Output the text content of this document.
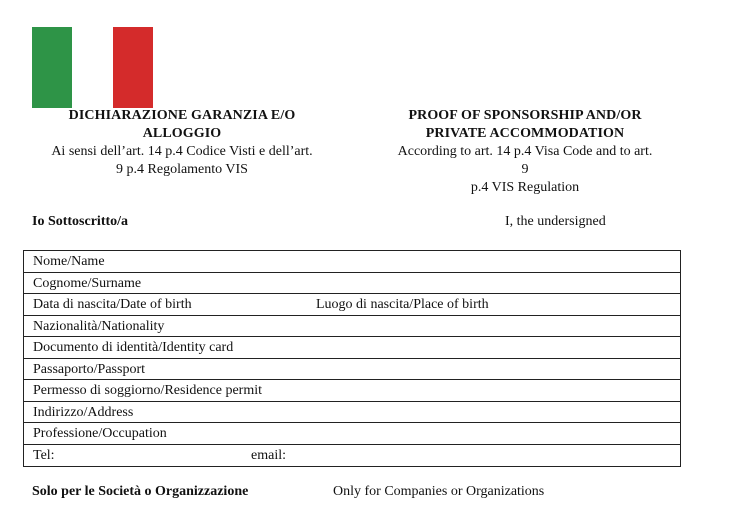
DICHIARAZIONE GARANZIA E/O
ALLOGGIO
Ai sensi dell’art. 14 p.4 Codice Visti e dell’art.
9 p.4 Regolamento VIS
PROOF OF SPONSORSHIP AND/OR
PRIVATE ACCOMMODATION
According to art. 14 p.4 Visa Code and to art.
9
p.4 VIS Regulation
Io Sottoscritto/a	I, the undersigned
Nome/Name
Cognome/Surname
Data di nascita/Date of birth	Luogo di nascita/Place of birth
Nazionalità/Nationality
Documento di identità/Identity card
Passaporto/Passport
Permesso di soggiorno/Residence permit
Indirizzo/Address
Professione/Occupation
Tel:	email:
Solo per le Società o Organizzazione	Only for Companies or Organizations
